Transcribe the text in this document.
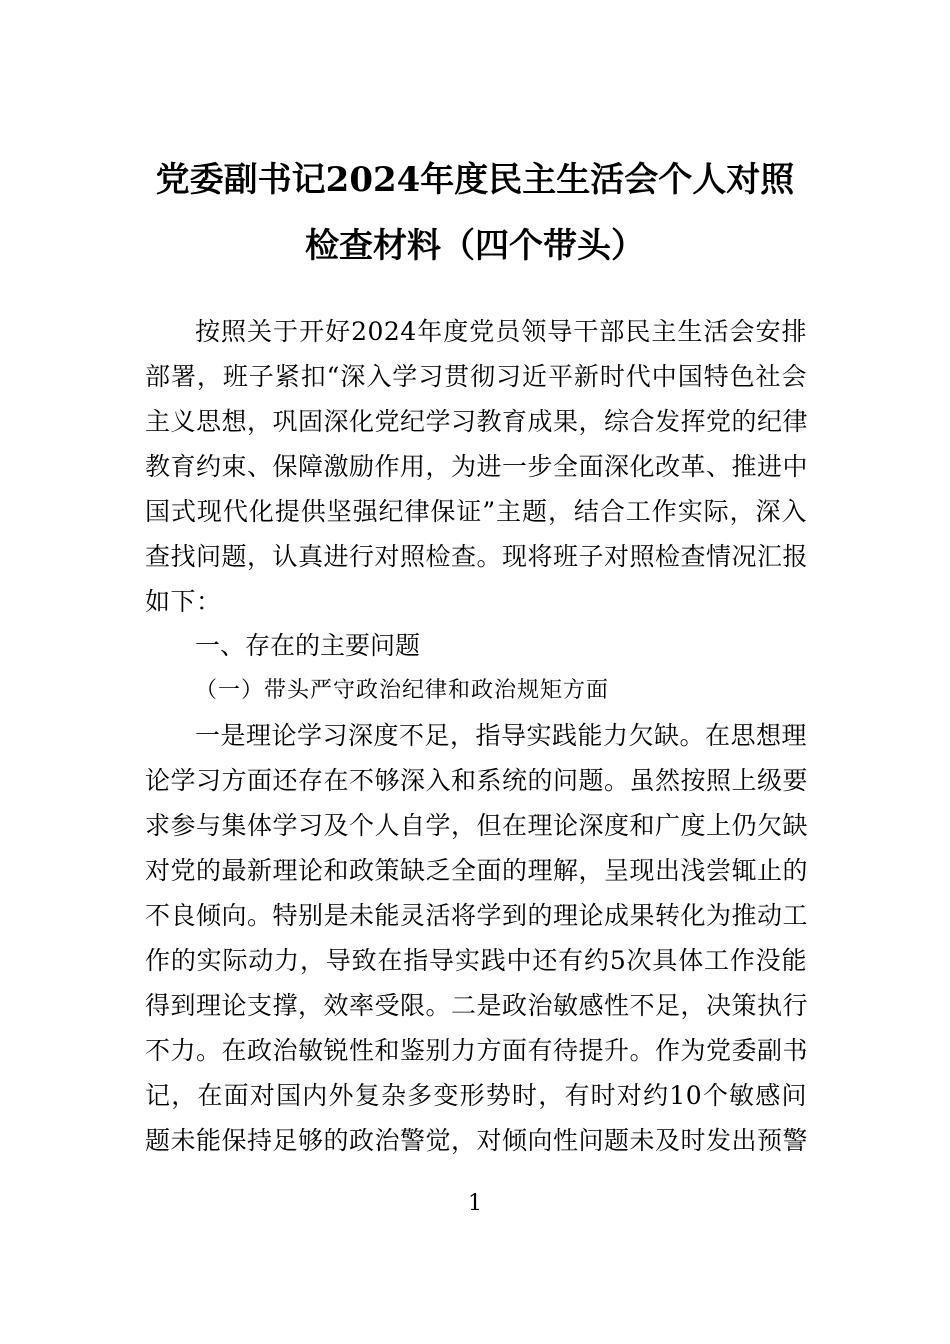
党委副书记2024年度民主生活会个人对照
检查材料（四个带头）
按照关于开好2024年度党员领导干部民主生活会安排
部署，班子紧扣“深入学习贯彻习近平新时代中国特色社会
主义思想，巩固深化党纪学习教育成果，综合发挥党的纪律
教育约束、保障激励作用，为进一步全面深化改革、推进中
国式现代化提供坚强纪律保证”主题，结合工作实际，深入
查找问题，认真进行对照检查。现将班子对照检查情况汇报
如下：
一、存在的主要问题
（一）带头严守政治纪律和政治规矩方面
一是理论学习深度不足，指导实践能力欠缺。在思想理
论学习方面还存在不够深入和系统的问题。虽然按照上级要
求参与集体学习及个人自学，但在理论深度和广度上仍欠缺
对党的最新理论和政策缺乏全面的理解，呈现出浅尝辄止的
不良倾向。特别是未能灵活将学到的理论成果转化为推动工
作的实际动力，导致在指导实践中还有约5次具体工作没能
得到理论支撑，效率受限。二是政治敏感性不足，决策执行
不力。在政治敏锐性和鉴别力方面有待提升。作为党委副书
记，在面对国内外复杂多变形势时，有时对约10个敏感问
题未能保持足够的政治警觉，对倾向性问题未及时发出预警
1
